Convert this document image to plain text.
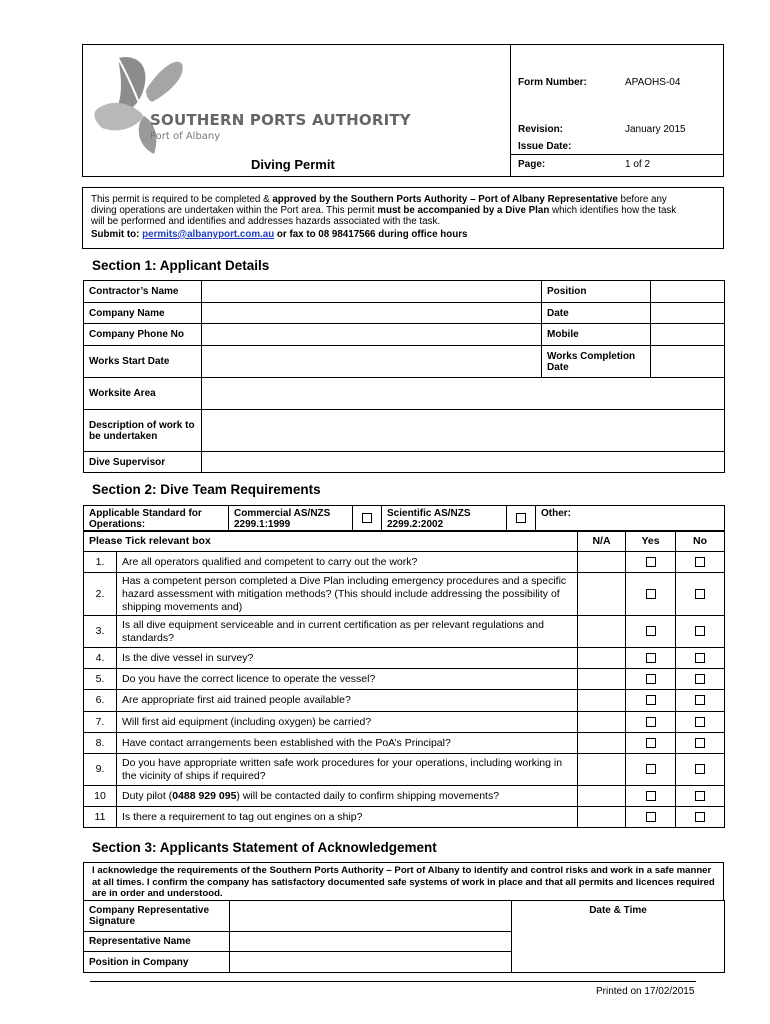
SOUTHERN PORTS AUTHORITY
Port of Albany
Diving Permit
Form Number:	APAOHS-04
Revision:	January 2015
Issue Date:
Page:	1 of 2
This permit is required to be completed & approved by the Southern Ports Authority – Port of Albany Representative before any
diving operations are undertaken within the Port area. This permit must be accompanied by a Dive Plan which identifies how the task
will be performed and identifies and addresses hazards associated with the task.
Submit to: permits@albanyport.com.au or fax to 08 98417566 during office hours
Section 1: Applicant Details
Contractor’s Name		Position	
Company Name		Date	
Company Phone No		Mobile	
Works Start Date		Works Completion Date	
Worksite Area			
Description of work to be undertaken			
Dive Supervisor			
Section 2: Dive Team Requirements
Applicable Standard for Operations:	Commercial AS/NZS 2299.1:1999		Scientific AS/NZS 2299.2:2002		Other:
Please Tick relevant box		N/A	Yes	No
1.	Are all operators qualified and competent to carry out the work?			
2.	Has a competent person completed a Dive Plan including emergency procedures and a specific hazard assessment with mitigation methods? (This should include addressing the possibility of shipping movements and)			
3.	Is all dive equipment serviceable and in current certification as per relevant regulations and standards?			
4.	Is the dive vessel in survey?			
5.	Do you have the correct licence to operate the vessel?			
6.	Are appropriate first aid trained people available?			
7.	Will first aid equipment (including oxygen) be carried?			
8.	Have contact arrangements been established with the PoA’s Principal?			
9.	Do you have appropriate written safe work procedures for your operations, including working in the vicinity of ships if required?			
10	Duty pilot (0488 929 095) will be contacted daily to confirm shipping movements?			
11	Is there a requirement to tag out engines on a ship?			
Section 3: Applicants Statement of Acknowledgement
I acknowledge the requirements of the Southern Ports Authority – Port of Albany to identify and control risks and work in a safe manner at all times. I confirm the company has satisfactory documented safe systems of work in place and that all permits and licences required are in order and understood.
Company Representative Signature		Date & Time
Representative Name		
Position in Company		
Printed on 17/02/2015
